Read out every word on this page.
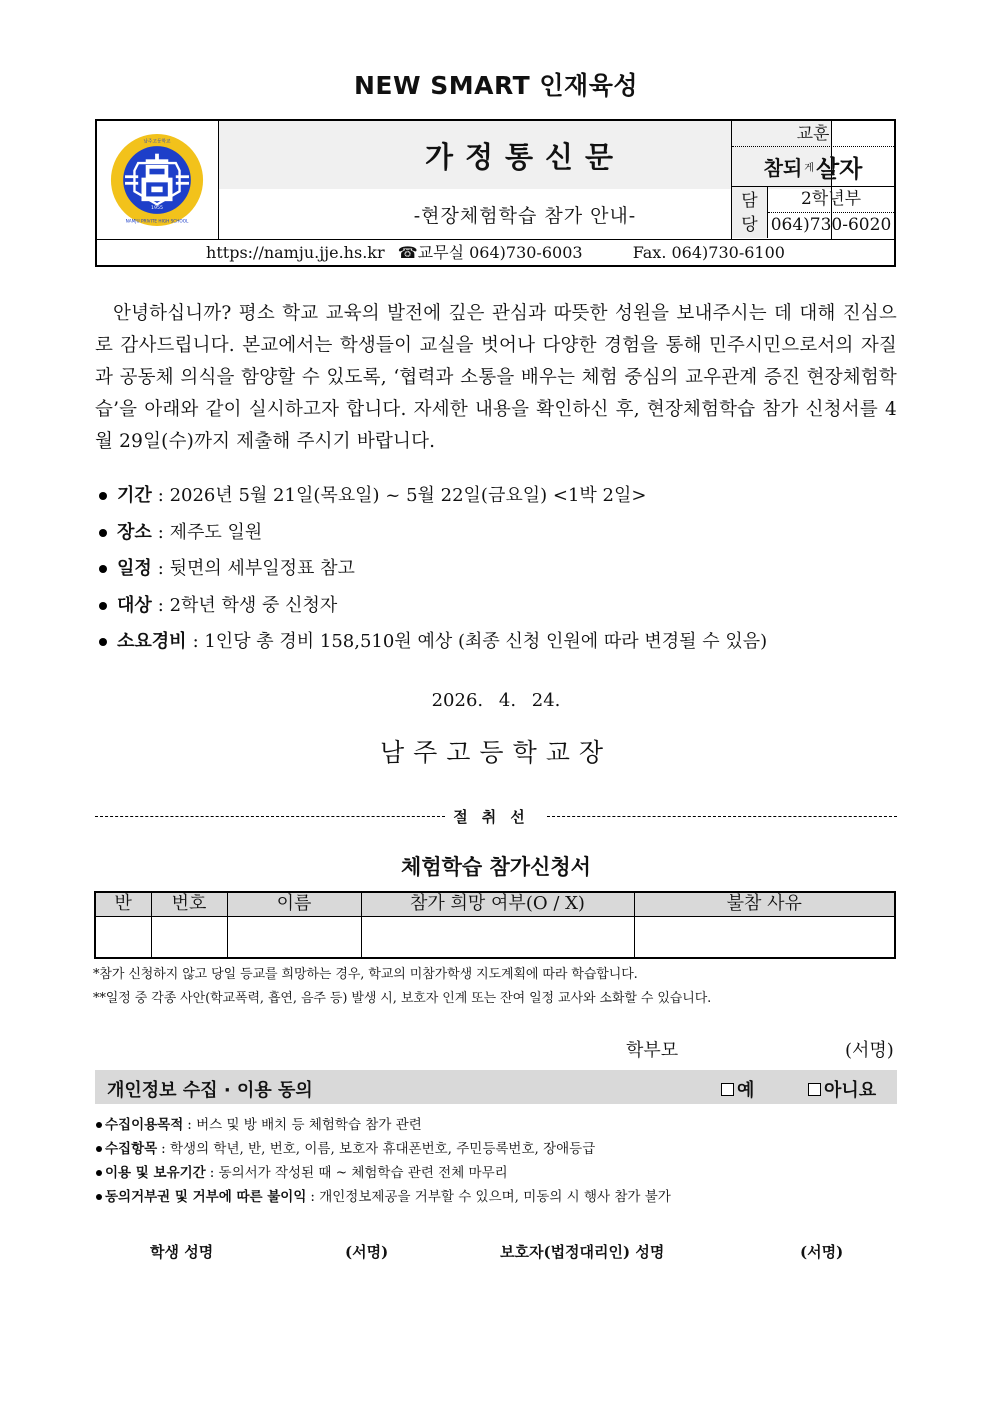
NEW SMART 인재육성
1955
남주고등학교
NAMJU PRIVITE HIGH SCHOOL
가정통신문
-현장체험학습 참가 안내-
교훈
참되 게 살자
담
당
2학년부
064)730-6020
https://namju.jje.hs.kr ☎교무실 064)730-6003	Fax. 064)730-6100

안녕하십니까? 평소 학교 교육의 발전에 깊은 관심과 따뜻한 성원을 보내주시는 데 대해 진심으로 감사드립니다. 본교에서는 학생들이 교실을 벗어나 다양한 경험을 통해 민주시민으로서의 자질과 공동체 의식을 함양할 수 있도록, ‘협력과 소통을 배우는 체험 중심의 교우관계 증진 현장체험학습’을 아래와 같이 실시하고자 합니다. 자세한 내용을 확인하신 후, 현장체험학습 참가 신청서를 4월 29일(수)까지 제출해 주시기 바랍니다.

기간 : 2026년 5월 21일(목요일) ~ 5월 22일(금요일) <1박 2일>
장소 : 제주도 일원
일정 : 뒷면의 세부일정표 참고
대상 : 2학년 학생 중 신청자
소요경비 : 1인당 총 경비 158,510원 예상 (최종 신청 인원에 따라 변경될 수 있음)
2026. 4. 24.
남주고등학교장
절취선
체험학습 참가신청서
반	번호	이름	참가 희망 여부(O / X)	불참 사유

*참가 신청하지 않고 당일 등교를 희망하는 경우, 학교의 미참가학생 지도계획에 따라 학습합니다.
**일정 중 각종 사안(학교폭력, 흡연, 음주 등) 발생 시, 보호자 인계 또는 잔여 일정 교사와 소화할 수 있습니다.
학부모	(서명)
개인정보 수집 · 이용 동의	예	아니요
수집이용목적 : 버스 및 방 배치 등 체험학습 참가 관련
수집항목 : 학생의 학년, 반, 번호, 이름, 보호자 휴대폰번호, 주민등록번호, 장애등급
이용 및 보유기간 : 동의서가 작성된 때 ~ 체험학습 관련 전체 마무리
동의거부권 및 거부에 따른 불이익 : 개인정보제공을 거부할 수 있으며, 미동의 시 행사 참가 불가
학생 성명	(서명)	보호자(법정대리인) 성명	(서명)
